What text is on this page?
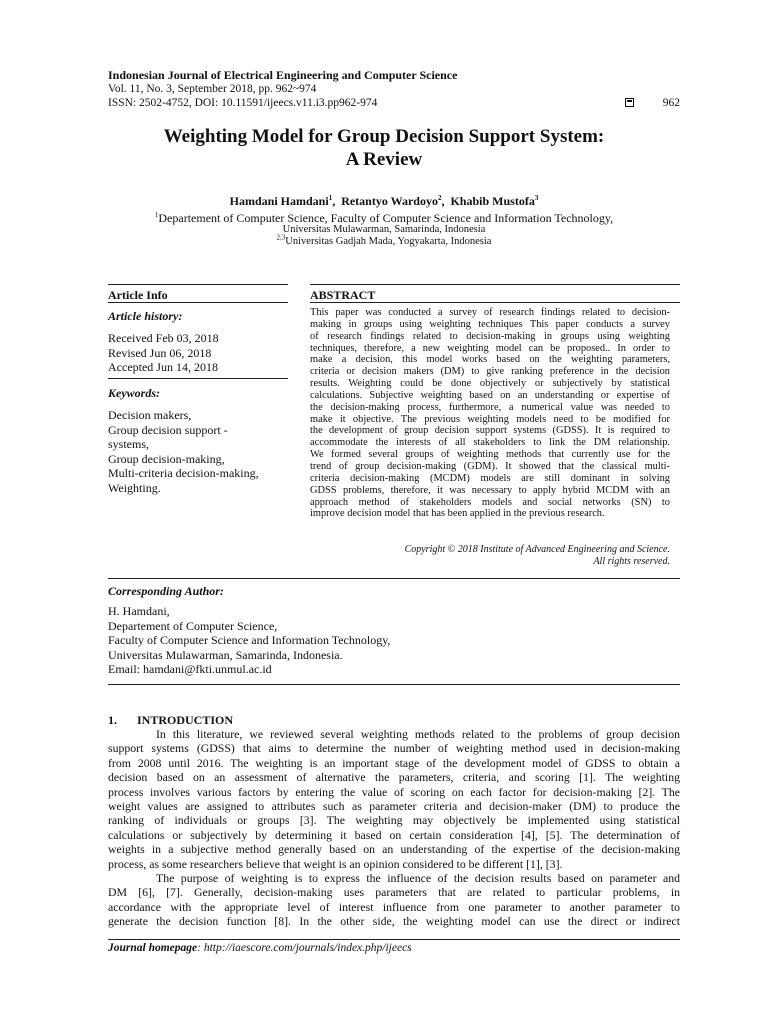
Indonesian Journal of Electrical Engineering and Computer Science
Vol. 11, No. 3, September 2018, pp. 962~974
ISSN: 2502-4752, DOI: 10.11591/ijeecs.v11.i3.pp962-974	962
Weighting Model for Group Decision Support System:
A Review
Hamdani Hamdani$^1$,  Retantyo Wardoyo$^2$,  Khabib Mustofa$^3$
$^1$Departement of Computer Science, Faculty of Computer Science and Information Technology,
Universitas Mulawarman, Samarinda, Indonesia
$^{2,3}$Universitas Gadjah Mada, Yogyakarta, Indonesia
Article Info
Article history:
Received Feb 03, 2018
Revised Jun 06, 2018
Accepted Jun 14, 2018
Keywords:
Decision makers,
Group decision support -
systems,
Group decision-making,
Multi-criteria decision-making,
Weighting.
ABSTRACT
This paper was conducted a survey of research findings related to decision-
making in groups using weighting techniques This paper conducts a survey
of research findings related to decision-making in groups using weighting
techniques, therefore, a new weighting model can be proposed.. In order to
make a decision, this model works based on the weighting parameters,
criteria or decision makers (DM) to give ranking preference in the decision
results. Weighting could be done objectively or subjectively by statistical
calculations. Subjective weighting based on an understanding or expertise of
the decision-making process, furthermore, a numerical value was needed to
make it objective. The previous weighting models need to be modified for
the development of group decision support systems (GDSS). It is required to
accommodate the interests of all stakeholders to link the DM relationship.
We formed several groups of weighting methods that currently use for the
trend of group decision-making (GDM). It showed that the classical multi-
criteria decision-making (MCDM) models are still dominant in solving
GDSS problems, therefore, it was necessary to apply hybrid MCDM with an
approach method of stakeholders models and social networks (SN) to
improve decision model that has been applied in the previous research.
Copyright © 2018 Institute of Advanced Engineering and Science.
All rights reserved.
Corresponding Author:
H. Hamdani,
Departement of Computer Science,
Faculty of Computer Science and Information Technology,
Universitas Mulawarman, Samarinda, Indonesia.
Email: hamdani@fkti.unmul.ac.id
1. INTRODUCTION
In this literature, we reviewed several weighting methods related to the problems of group decision
support systems (GDSS) that aims to determine the number of weighting method used in decision-making
from 2008 until 2016. The weighting is an important stage of the development model of GDSS to obtain a
decision based on an assessment of alternative the parameters, criteria, and scoring [1]. The weighting
process involves various factors by entering the value of scoring on each factor for decision-making [2]. The
weight values are assigned to attributes such as parameter criteria and decision-maker (DM) to produce the
ranking of individuals or groups [3]. The weighting may objectively be implemented using statistical
calculations or subjectively by determining it based on certain consideration [4], [5]. The determination of
weights in a subjective method generally based on an understanding of the expertise of the decision-making
process, as some researchers believe that weight is an opinion considered to be different [1], [3].
The purpose of weighting is to express the influence of the decision results based on parameter and
DM [6], [7]. Generally, decision-making uses parameters that are related to particular problems, in
accordance with the appropriate level of interest influence from one parameter to another parameter to
generate the decision function [8]. In the other side, the weighting model can use the direct or indirect
Journal homepage: http://iaescore.com/journals/index.php/ijeecs
